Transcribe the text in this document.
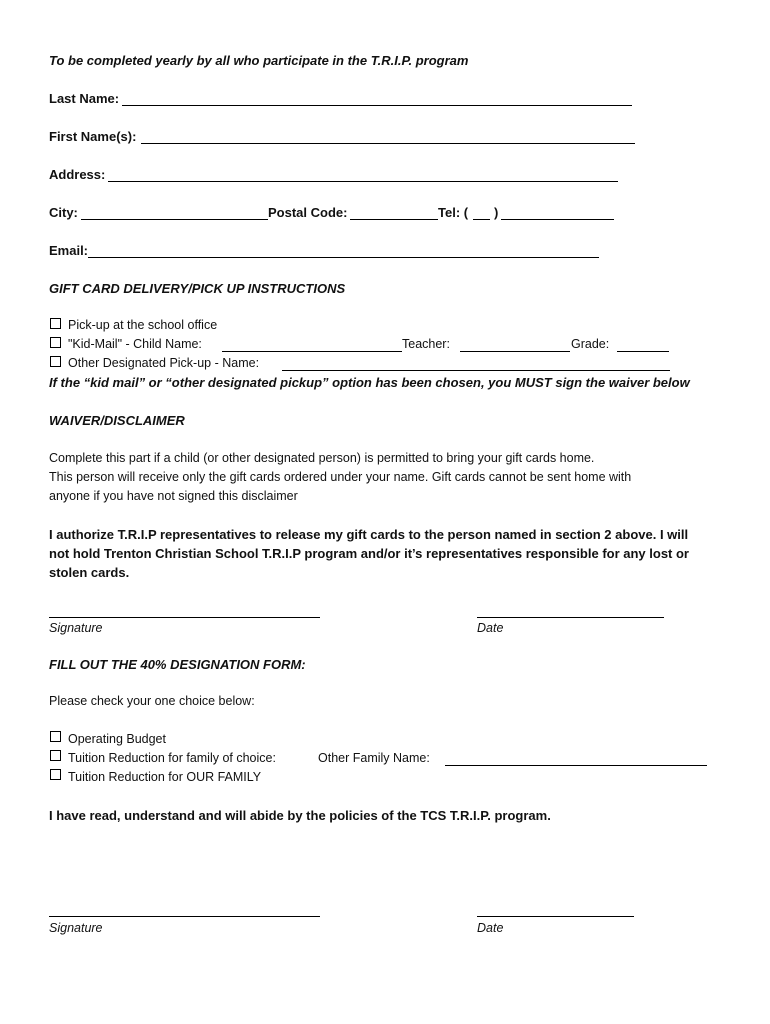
To be completed yearly by all who participate in the T.R.I.P. program
Last Name:
First Name(s):
Address:
City:	Postal Code:	Tel: ( )
Email:
GIFT CARD DELIVERY/PICK UP INSTRUCTIONS
Pick-up at the school office
"Kid-Mail" - Child Name:	Teacher:	Grade:
Other Designated Pick-up - Name:
If the “kid mail” or “other designated pickup” option has been chosen, you MUST sign the waiver below
WAIVER/DISCLAIMER
Complete this part if a child (or other designated person) is permitted to bring your gift cards home.
This person will receive only the gift cards ordered under your name. Gift cards cannot be sent home with
anyone if you have not signed this disclaimer
I authorize T.R.I.P representatives to release my gift cards to the person named in section 2 above. I will
not hold Trenton Christian School T.R.I.P program and/or it’s representatives responsible for any lost or
stolen cards.
Signature	Date
FILL OUT THE 40% DESIGNATION FORM:
Please check your one choice below:
Operating Budget
Tuition Reduction for family of choice:	Other Family Name:
Tuition Reduction for OUR FAMILY
I have read, understand and will abide by the policies of the TCS T.R.I.P. program.
Signature	Date
